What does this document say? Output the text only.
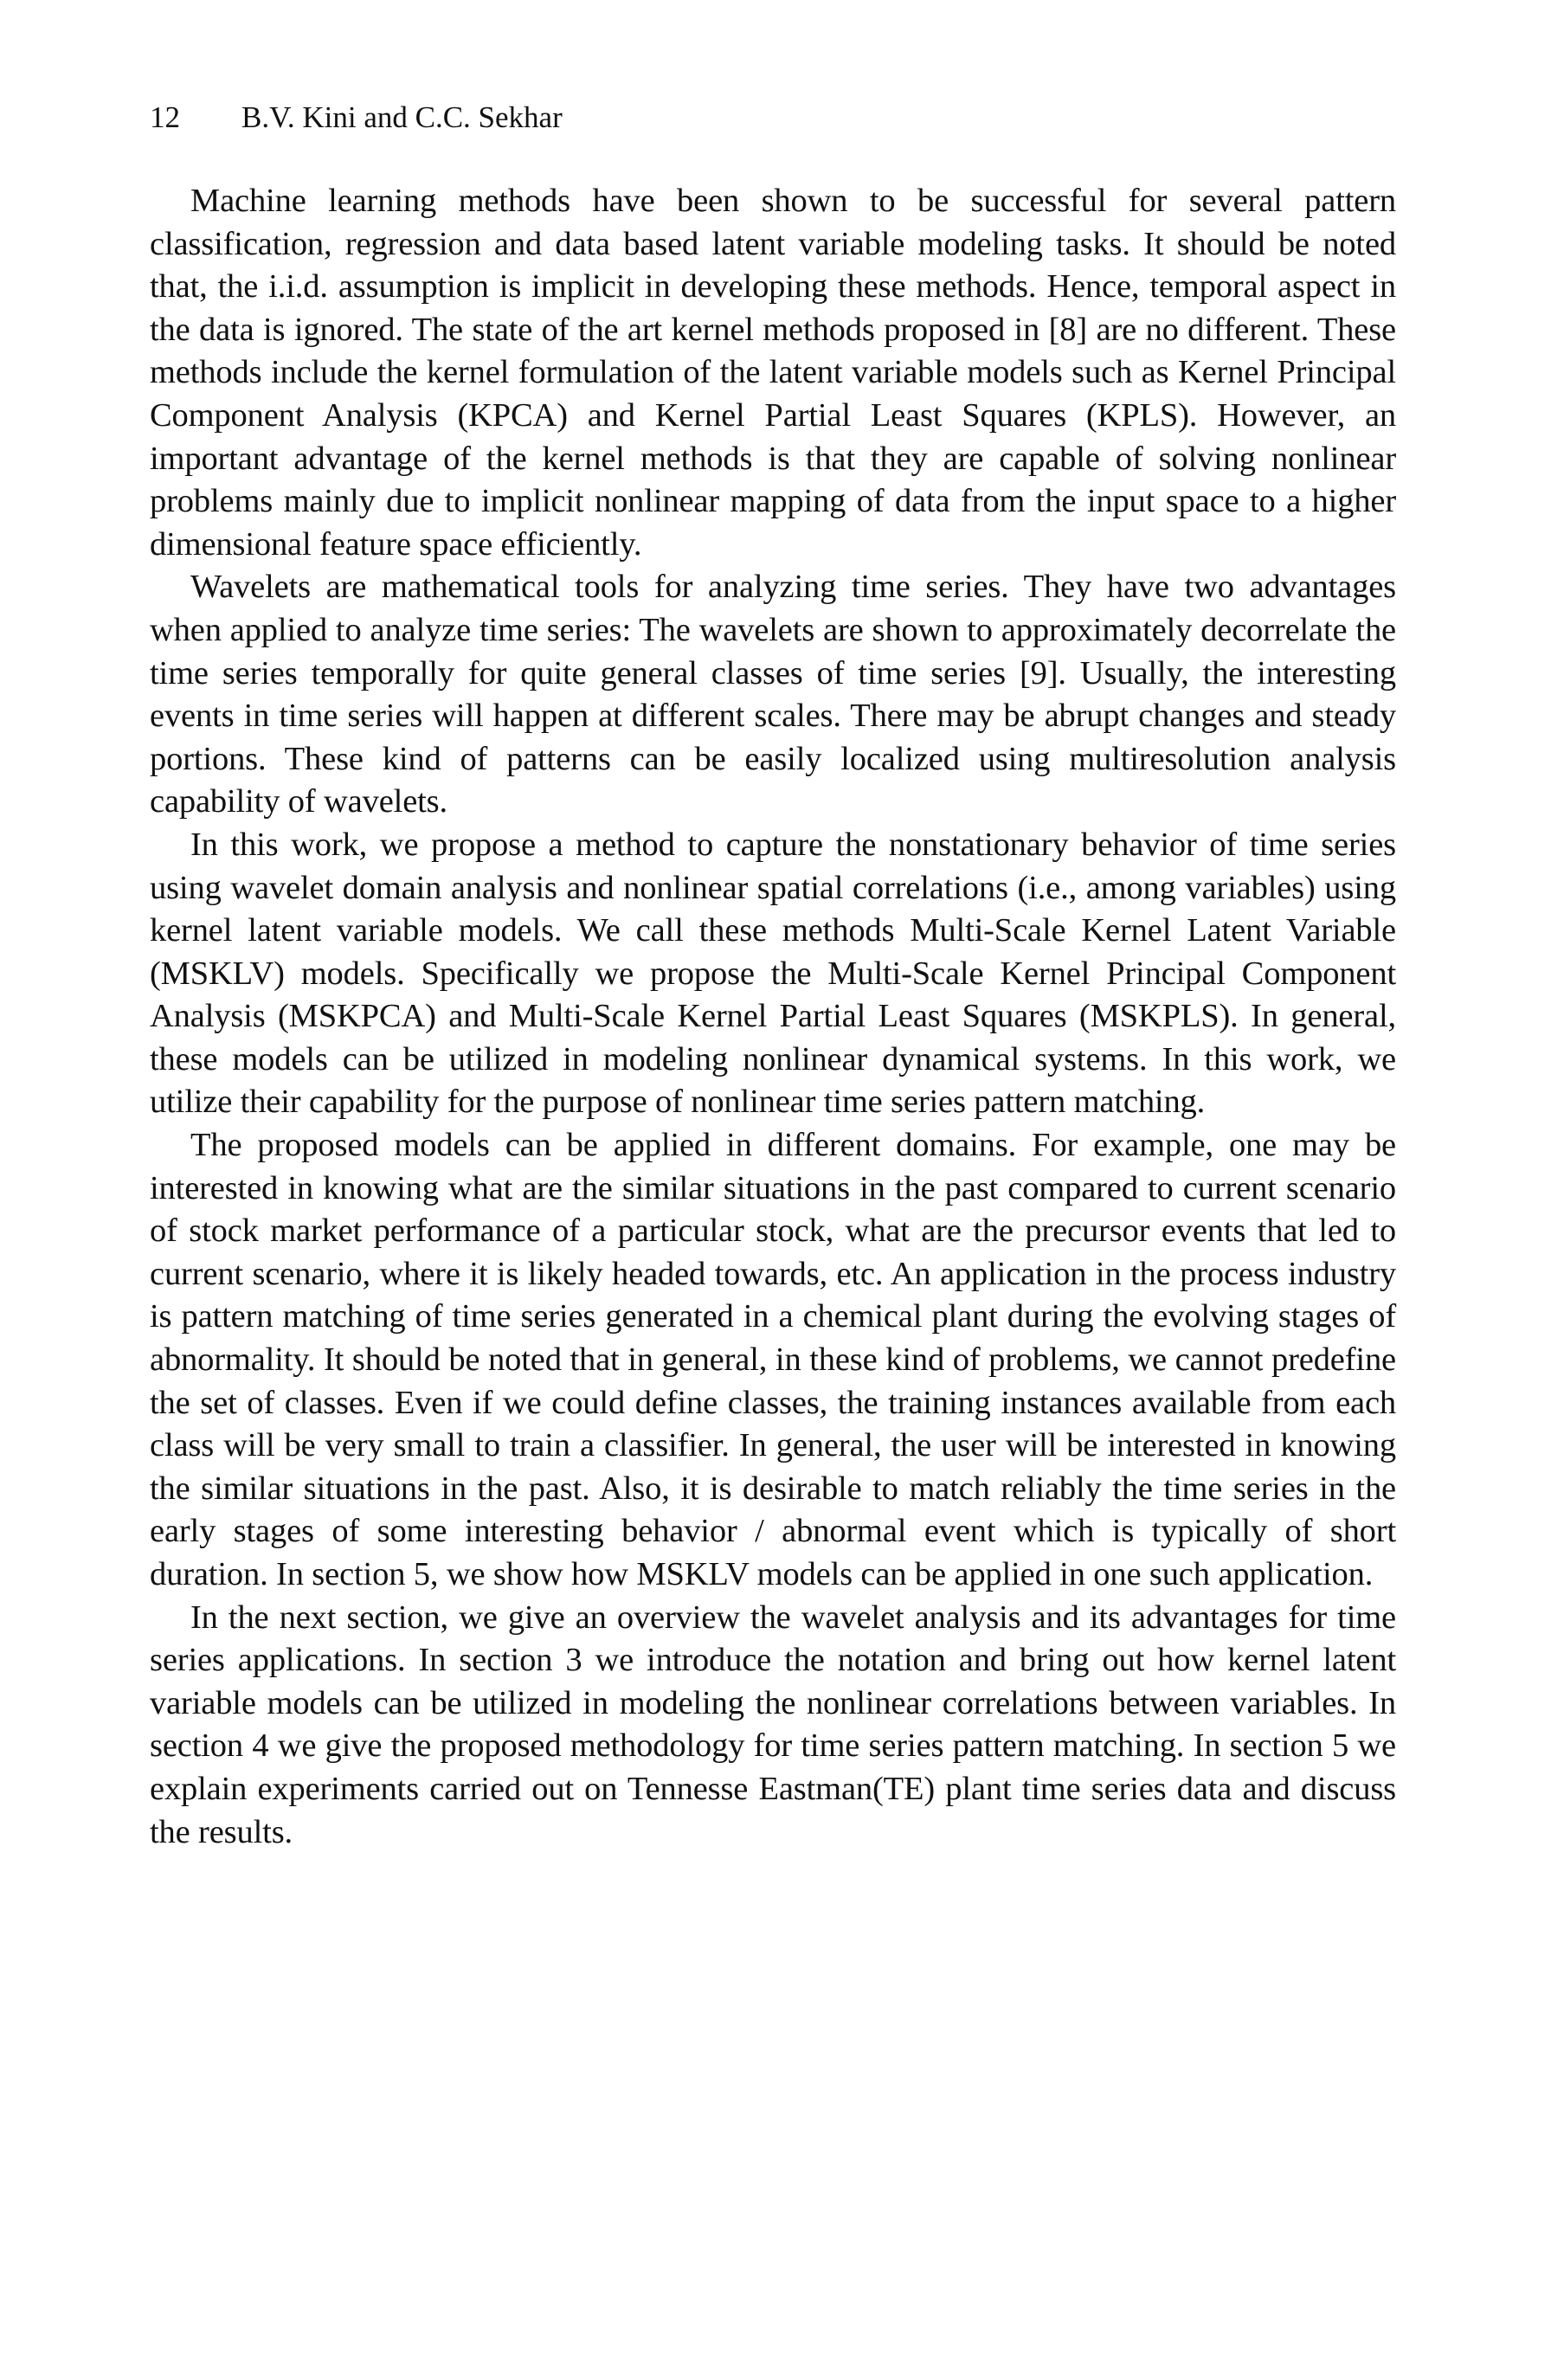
12	B.V. Kini and C.C. Sekhar

Machine learning methods have been shown to be successful for several pattern classification, regression and data based latent variable modeling tasks. It should be noted that, the i.i.d. assumption is implicit in developing these methods. Hence, temporal aspect in the data is ignored. The state of the art kernel methods proposed in [8] are no different. These methods include the kernel formulation of the latent variable models such as Kernel Principal Component Analysis (KPCA) and Kernel Partial Least Squares (KPLS). However, an important advantage of the kernel methods is that they are capable of solving nonlinear problems mainly due to implicit nonlinear mapping of data from the input space to a higher dimensional feature space efficiently.

Wavelets are mathematical tools for analyzing time series. They have two advantages when applied to analyze time series: The wavelets are shown to approximately decorrelate the time series temporally for quite general classes of time series [9]. Usually, the interesting events in time series will happen at different scales. There may be abrupt changes and steady portions. These kind of patterns can be easily localized using multiresolution analysis capability of wavelets.

In this work, we propose a method to capture the nonstationary behavior of time series using wavelet domain analysis and nonlinear spatial correlations (i.e., among variables) using kernel latent variable models. We call these methods Multi-Scale Kernel Latent Variable (MSKLV) models. Specifically we propose the Multi-Scale Kernel Principal Component Analysis (MSKPCA) and Multi-Scale Kernel Partial Least Squares (MSKPLS). In general, these models can be utilized in modeling nonlinear dynamical systems. In this work, we utilize their capability for the purpose of nonlinear time series pattern matching.

The proposed models can be applied in different domains. For example, one may be interested in knowing what are the similar situations in the past compared to current scenario of stock market performance of a particular stock, what are the precursor events that led to current scenario, where it is likely headed towards, etc. An application in the process industry is pattern matching of time series generated in a chemical plant during the evolving stages of abnormality. It should be noted that in general, in these kind of problems, we cannot predefine the set of classes. Even if we could define classes, the training instances available from each class will be very small to train a classifier. In general, the user will be interested in knowing the similar situations in the past. Also, it is desirable to match reliably the time series in the early stages of some interesting behavior / abnormal event which is typically of short duration. In section 5, we show how MSKLV models can be applied in one such application.

In the next section, we give an overview the wavelet analysis and its advantages for time series applications. In section 3 we introduce the notation and bring out how kernel latent variable models can be utilized in modeling the nonlinear correlations between variables. In section 4 we give the proposed methodology for time series pattern matching. In section 5 we explain experiments carried out on Tennesse Eastman(TE) plant time series data and discuss the results.
